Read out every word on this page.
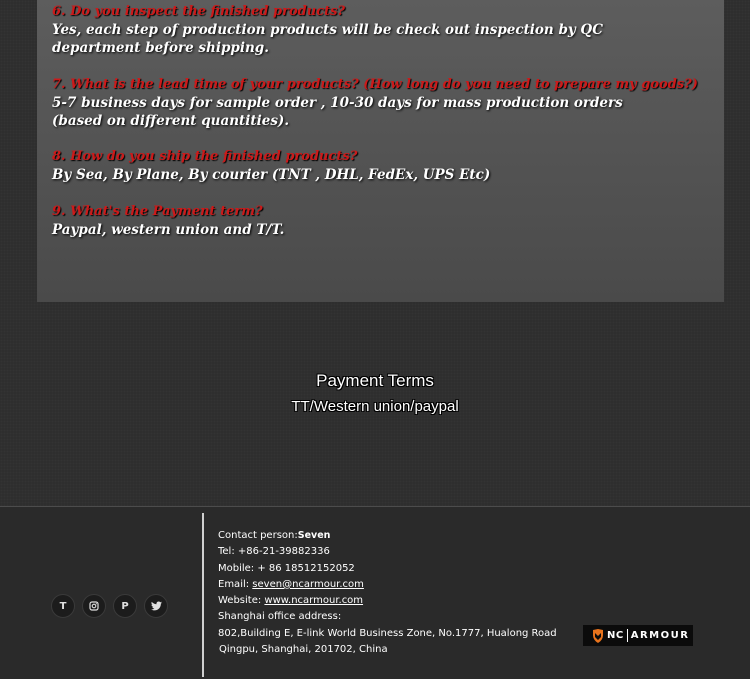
6. Do you inspect the finished products?
Yes, each step of production products will be check out inspection by QC department before shipping.
7. What is the lead time of your products? (How long do you need to prepare my goods?)
5-7 business days for sample order , 10-30 days for mass production orders (based on different quantities).
8. How do you ship the finished products?
By Sea, By Plane, By courier (TNT , DHL, FedEx, UPS Etc)
9. What's the Payment term?
Paypal, western union and T/T.
Payment Terms
TT/Western union/paypal
T	P
Contact person:Seven
Tel: +86-21-39882336
Mobile: + 86 18512152052
Email: seven@ncarmour.com
Website: www.ncarmour.com
Shanghai office address:
802,Building E, E-link World Business Zone, No.1777, Hualong Road
Qingpu, Shanghai, 201702, China
NC ARMOUR
